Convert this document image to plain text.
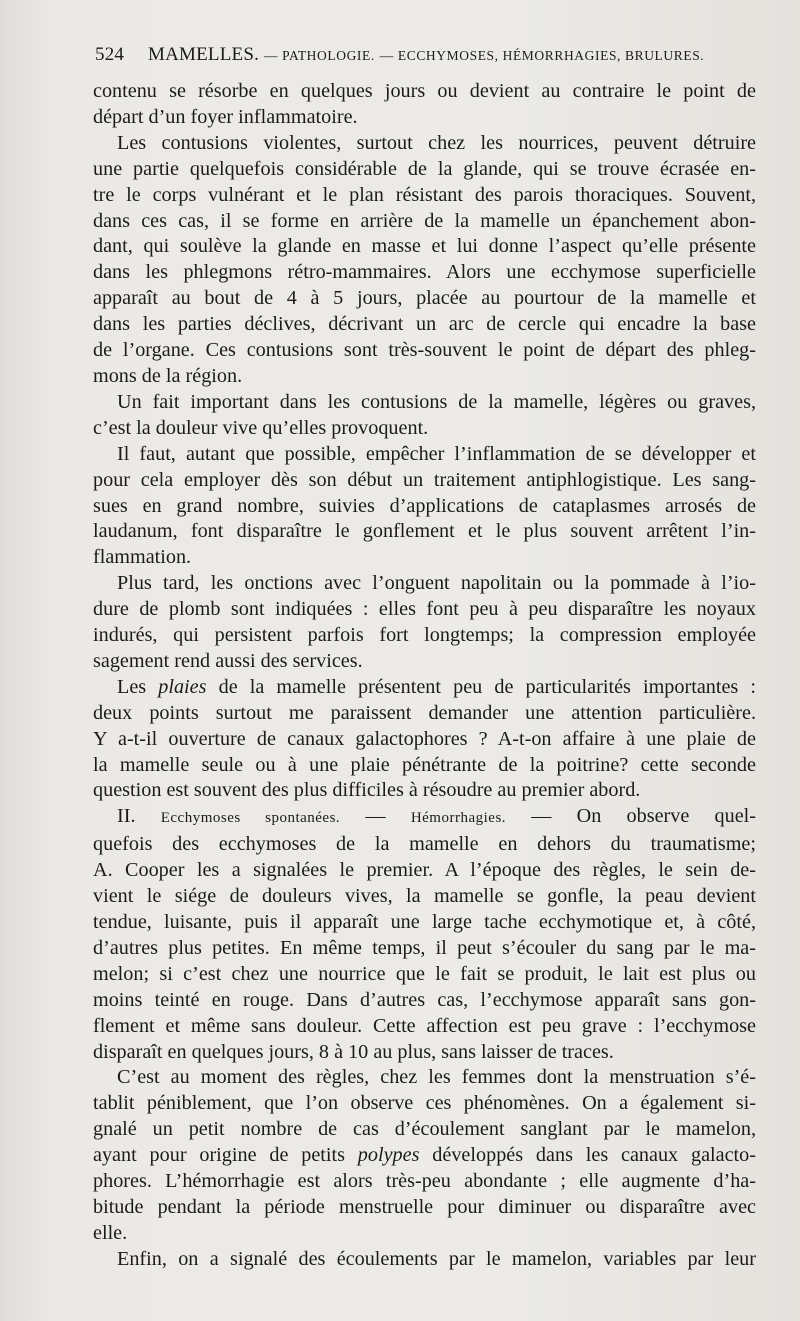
524 MAMELLES. — PATHOLOGIE. — ECCHYMOSES, HÉMORRHAGIES, BRULURES.

contenu se résorbe en quelques jours ou devient au contraire le point de

départ d’un foyer inflammatoire.

Les contusions violentes, surtout chez les nourrices, peuvent détruire

une partie quelquefois considérable de la glande, qui se trouve écrasée en-

tre le corps vulnérant et le plan résistant des parois thoraciques. Souvent,

dans ces cas, il se forme en arrière de la mamelle un épanchement abon-

dant, qui soulève la glande en masse et lui donne l’aspect qu’elle présente

dans les phlegmons rétro-mammaires. Alors une ecchymose superficielle

apparaît au bout de 4 à 5 jours, placée au pourtour de la mamelle et

dans les parties déclives, décrivant un arc de cercle qui encadre la base

de l’organe. Ces contusions sont très-souvent le point de départ des phleg-

mons de la région.

Un fait important dans les contusions de la mamelle, légères ou graves,

c’est la douleur vive qu’elles provoquent.

Il faut, autant que possible, empêcher l’inflammation de se développer et

pour cela employer dès son début un traitement antiphlogistique. Les sang-

sues en grand nombre, suivies d’applications de cataplasmes arrosés de

laudanum, font disparaître le gonflement et le plus souvent arrêtent l’in-

flammation.

Plus tard, les onctions avec l’onguent napolitain ou la pommade à l’io-

dure de plomb sont indiquées : elles font peu à peu disparaître les noyaux

indurés, qui persistent parfois fort longtemps; la compression employée

sagement rend aussi des services.

Les plaies de la mamelle présentent peu de particularités importantes :

deux points surtout me paraissent demander une attention particulière.

Y a-t-il ouverture de canaux galactophores ? A-t-on affaire à une plaie de

la mamelle seule ou à une plaie pénétrante de la poitrine? cette seconde

question est souvent des plus difficiles à résoudre au premier abord.

II. Ecchymoses spontanées. — Hémorrhagies. — On observe quel-

quefois des ecchymoses de la mamelle en dehors du traumatisme;

A. Cooper les a signalées le premier. A l’époque des règles, le sein de-

vient le siége de douleurs vives, la mamelle se gonfle, la peau devient

tendue, luisante, puis il apparaît une large tache ecchymotique et, à côté,

d’autres plus petites. En même temps, il peut s’écouler du sang par le ma-

melon; si c’est chez une nourrice que le fait se produit, le lait est plus ou

moins teinté en rouge. Dans d’autres cas, l’ecchymose apparaît sans gon-

flement et même sans douleur. Cette affection est peu grave : l’ecchymose

disparaît en quelques jours, 8 à 10 au plus, sans laisser de traces.

C’est au moment des règles, chez les femmes dont la menstruation s’é-

tablit péniblement, que l’on observe ces phénomènes. On a également si-

gnalé un petit nombre de cas d’écoulement sanglant par le mamelon,

ayant pour origine de petits polypes développés dans les canaux galacto-

phores. L’hémorrhagie est alors très-peu abondante ; elle augmente d’ha-

bitude pendant la période menstruelle pour diminuer ou disparaître avec

elle.

Enfin, on a signalé des écoulements par le mamelon, variables par leur
